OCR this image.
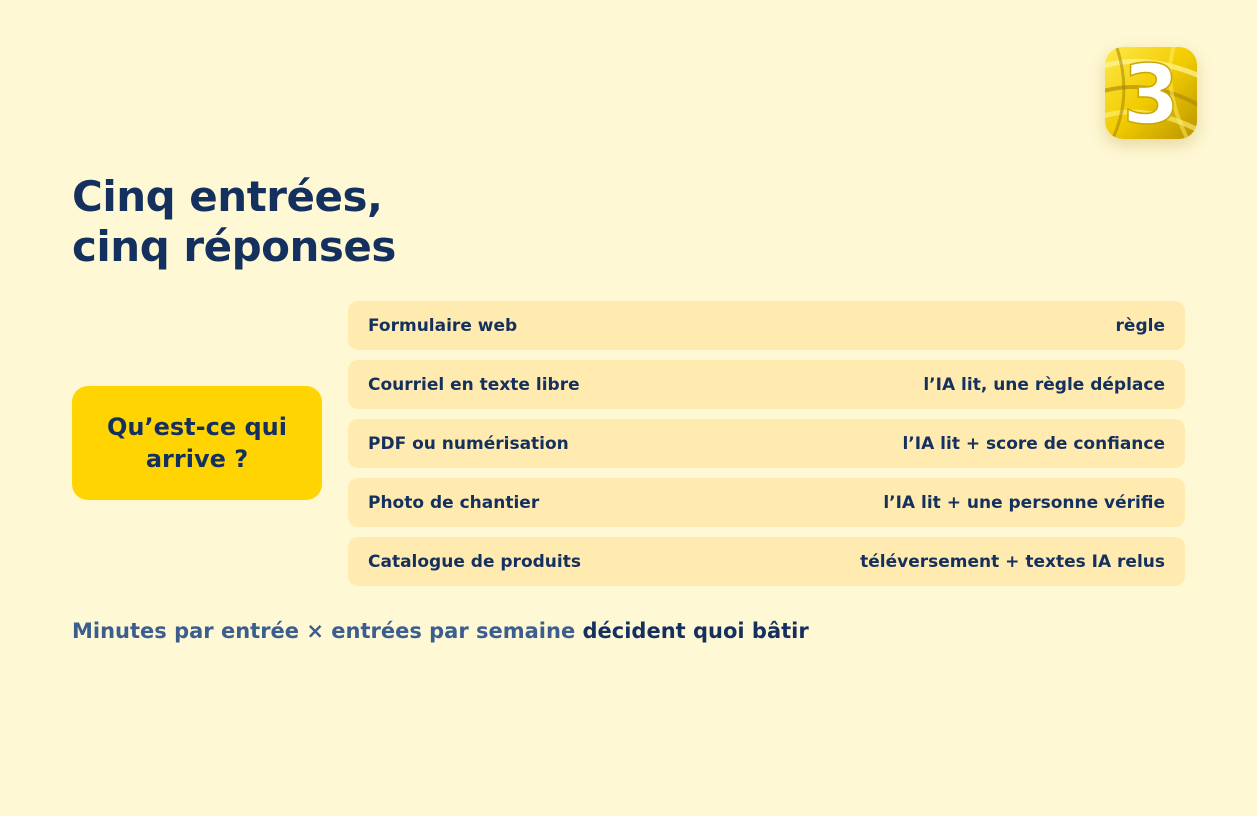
3
Cinq entrées,
cinq réponses
Qu’est-ce qui arrive ?
Formulaire web	règle
Courriel en texte libre	l’IA lit, une règle déplace
PDF ou numérisation	l’IA lit + score de confiance
Photo de chantier	l’IA lit + une personne vérifie
Catalogue de produits	téléversement + textes IA relus
Minutes par entrée × entrées par semaine décident quoi bâtir
